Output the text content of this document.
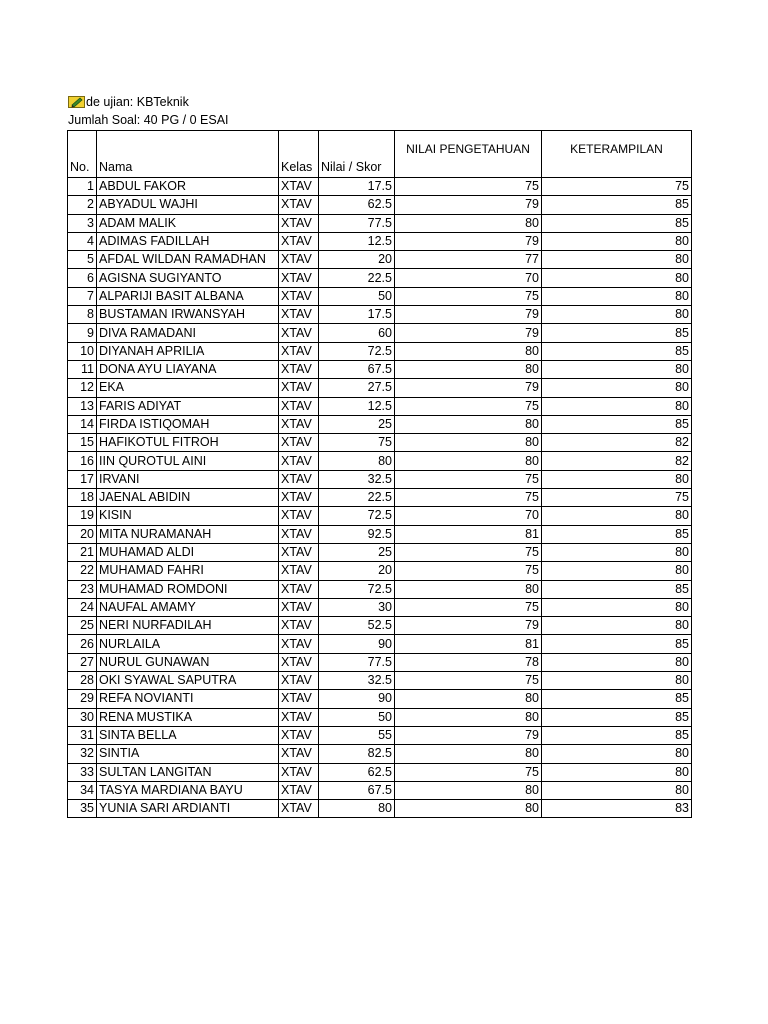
de ujian: KBTeknik
Jumlah Soal: 40 PG / 0 ESAI
No.	Nama	Kelas	Nilai / Skor	NILAI PENGETAHUAN	KETERAMPILAN
1	ABDUL FAKOR	XTAV	17.5	75	75
2	ABYADUL WAJHI	XTAV	62.5	79	85
3	ADAM MALIK	XTAV	77.5	80	85
4	ADIMAS FADILLAH	XTAV	12.5	79	80
5	AFDAL WILDAN RAMADHAN	XTAV	20	77	80
6	AGISNA SUGIYANTO	XTAV	22.5	70	80
7	ALPARIJI BASIT ALBANA	XTAV	50	75	80
8	BUSTAMAN IRWANSYAH	XTAV	17.5	79	80
9	DIVA RAMADANI	XTAV	60	79	85
10	DIYANAH APRILIA	XTAV	72.5	80	85
11	DONA AYU LIAYANA	XTAV	67.5	80	80
12	EKA	XTAV	27.5	79	80
13	FARIS ADIYAT	XTAV	12.5	75	80
14	FIRDA ISTIQOMAH	XTAV	25	80	85
15	HAFIKOTUL FITROH	XTAV	75	80	82
16	IIN QUROTUL AINI	XTAV	80	80	82
17	IRVANI	XTAV	32.5	75	80
18	JAENAL ABIDIN	XTAV	22.5	75	75
19	KISIN	XTAV	72.5	70	80
20	MITA NURAMANAH	XTAV	92.5	81	85
21	MUHAMAD ALDI	XTAV	25	75	80
22	MUHAMAD FAHRI	XTAV	20	75	80
23	MUHAMAD ROMDONI	XTAV	72.5	80	85
24	NAUFAL AMAMY	XTAV	30	75	80
25	NERI NURFADILAH	XTAV	52.5	79	80
26	NURLAILA	XTAV	90	81	85
27	NURUL GUNAWAN	XTAV	77.5	78	80
28	OKI SYAWAL SAPUTRA	XTAV	32.5	75	80
29	REFA NOVIANTI	XTAV	90	80	85
30	RENA MUSTIKA	XTAV	50	80	85
31	SINTA BELLA	XTAV	55	79	85
32	SINTIA	XTAV	82.5	80	80
33	SULTAN LANGITAN	XTAV	62.5	75	80
34	TASYA MARDIANA BAYU	XTAV	67.5	80	80
35	YUNIA SARI ARDIANTI	XTAV	80	80	83
